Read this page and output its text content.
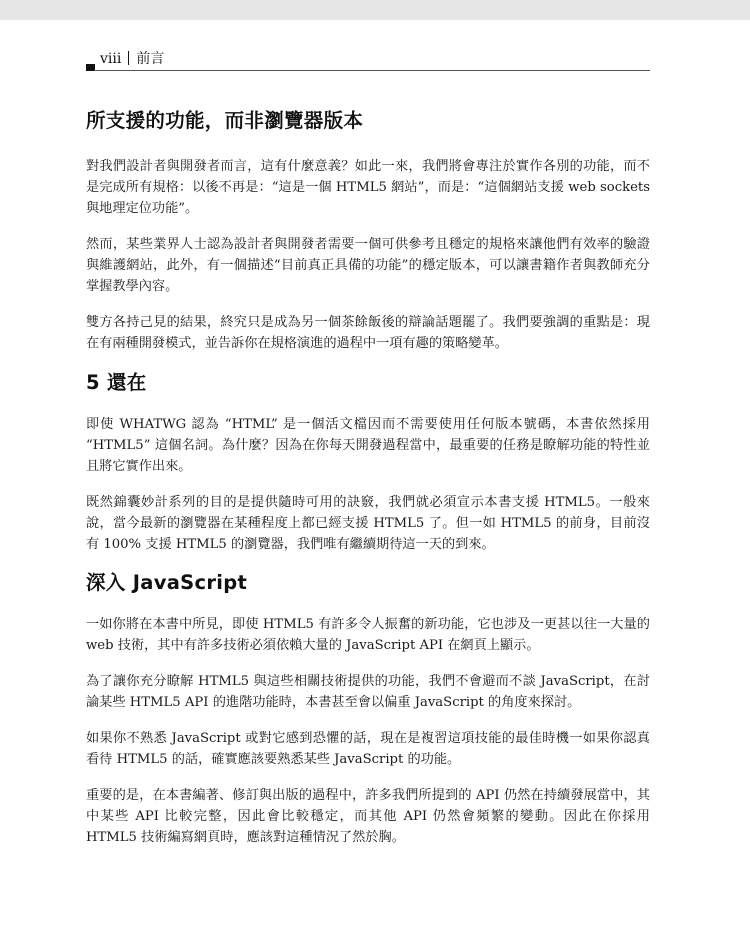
viii 前言
所支援的功能，而非瀏覽器版本

對我們設計者與開發者而言，這有什麼意義？如此一來，我們將會專注於實作各別的功能，而不是完成所有規格：以後不再是：“這是一個 HTML5 網站”，而是：“這個網站支援 web sockets 與地理定位功能”。

然而，某些業界人士認為設計者與開發者需要一個可供參考且穩定的規格來讓他們有效率的驗證與維護網站，此外，有一個描述“目前真正具備的功能”的穩定版本，可以讓書籍作者與教師充分掌握教學內容。

雙方各持己見的結果，終究只是成為另一個茶餘飯後的辯論話題罷了。我們要強調的重點是：現在有兩種開發模式，並告訴你在規格演進的過程中一項有趣的策略變革。

5 還在

即使 WHATWG 認為 “HTML” 是一個活文檔因而不需要使用任何版本號碼，本書依然採用 “HTML5” 這個名詞。為什麼？因為在你每天開發過程當中，最重要的任務是瞭解功能的特性並且將它實作出來。

既然錦囊妙計系列的目的是提供隨時可用的訣竅，我們就必須宣示本書支援 HTML5。一般來說，當今最新的瀏覽器在某種程度上都已經支援 HTML5 了。但一如 HTML5 的前身，目前沒有 100% 支援 HTML5 的瀏覽器，我們唯有繼續期待這一天的到來。

深入 JavaScript

一如你將在本書中所見，即使 HTML5 有許多令人振奮的新功能，它也涉及一更甚以往一大量的 web 技術，其中有許多技術必須依賴大量的 JavaScript API 在網頁上顯示。

為了讓你充分瞭解 HTML5 與這些相關技術提供的功能，我們不會避而不談 JavaScript，在討論某些 HTML5 API 的進階功能時，本書甚至會以偏重 JavaScript 的角度來探討。

如果你不熟悉 JavaScript 或對它感到恐懼的話，現在是複習這項技能的最佳時機一如果你認真看待 HTML5 的話，確實應該要熟悉某些 JavaScript 的功能。

重要的是，在本書編著、修訂與出版的過程中，許多我們所提到的 API 仍然在持續發展當中，其中某些 API 比較完整，因此會比較穩定，而其他 API 仍然會頻繁的變動。因此在你採用 HTML5 技術編寫網頁時，應該對這種情況了然於胸。
